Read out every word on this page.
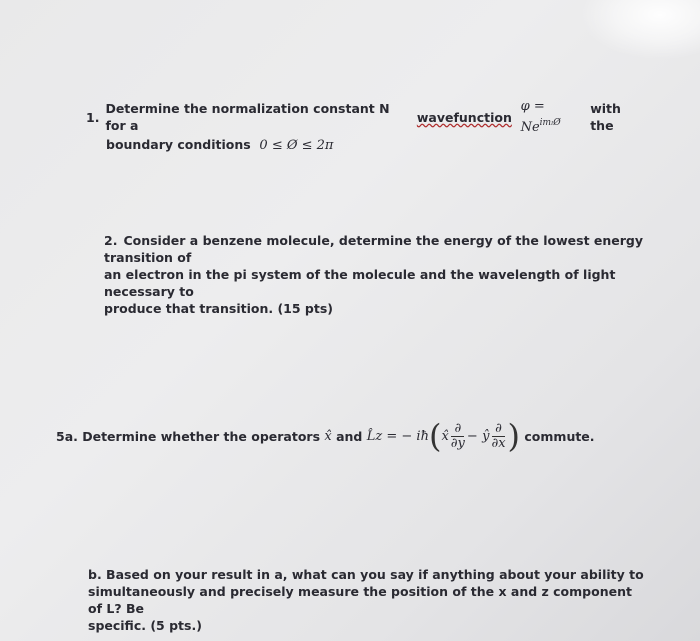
1.
Determine the normalization constant N for a

wavefunction

$\varphi = Ne^{im_lØ}$

with the
boundary conditions 0 ≤ Ø ≤ 2π
2. Consider a benzene molecule, determine the energy of the lowest energy transition of
an electron in the pi system of the molecule and the wavelength of light necessary to
produce that transition. (15 pts)
5a. Determine whether the operators
x̂
and
L̂z = − iħ ( x̂ $\frac{\partial}{\partial y}$ −
ŷ $\frac{\partial}{\partial x}$ )
commute.
b. Based on your result in a, what can you say if anything about your ability to
simultaneously and precisely measure the position of the x and z component of L? Be
specific. (5 pts.)
